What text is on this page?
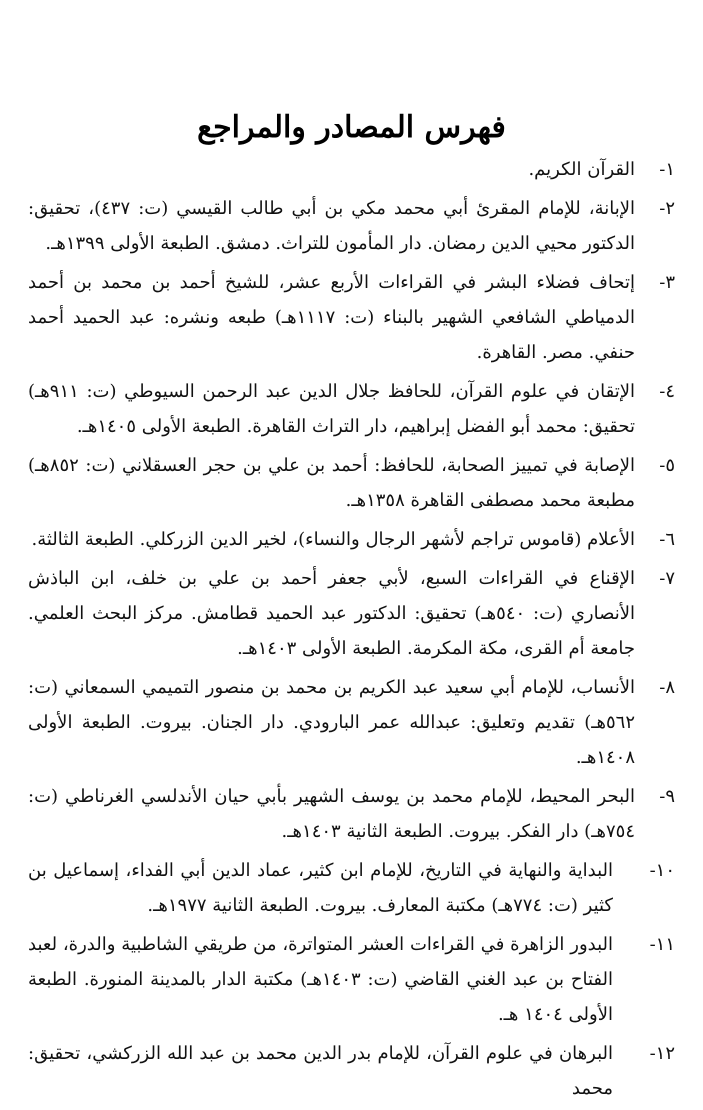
فهرس المصادر والمراجع
١-
القرآن الكريم.
٢-
الإبانة، للإمام المقرئ أبي محمد مكي بن أبي طالب القيسي (ت: ٤٣٧)، تحقيق: الدكتور محيي الدين رمضان. دار المأمون للتراث. دمشق. الطبعة الأولى ١٣٩٩هـ.
٣-
إتحاف فضلاء البشر في القراءات الأربع عشر، للشيخ أحمد بن محمد بن أحمد الدمياطي الشافعي الشهير بالبناء (ت: ١١١٧هـ) طبعه ونشره: عبد الحميد أحمد حنفي. مصر. القاهرة.
٤-
الإتقان في علوم القرآن، للحافظ جلال الدين عبد الرحمن السيوطي (ت: ٩١١هـ) تحقيق: محمد أبو الفضل إبراهيم، دار التراث القاهرة. الطبعة الأولى ١٤٠٥هـ.
٥-
الإصابة في تمييز الصحابة، للحافظ: أحمد بن علي بن حجر العسقلاني (ت: ٨٥٢هـ) مطبعة محمد مصطفى القاهرة ١٣٥٨هـ.
٦-
الأعلام (قاموس تراجم لأشهر الرجال والنساء)، لخير الدين الزركلي. الطبعة الثالثة.
٧-
الإقناع في القراءات السبع، لأبي جعفر أحمد بن علي بن خلف، ابن الباذش الأنصاري (ت: ٥٤٠هـ) تحقيق: الدكتور عبد الحميد قطامش. مركز البحث العلمي. جامعة أم القرى، مكة المكرمة. الطبعة الأولى ١٤٠٣هـ.
٨-
الأنساب، للإمام أبي سعيد عبد الكريم بن محمد بن منصور التميمي السمعاني (ت: ٥٦٢هـ) تقديم وتعليق: عبدالله عمر البارودي. دار الجنان. بيروت. الطبعة الأولى ١٤٠٨هـ.
٩-
البحر المحيط، للإمام محمد بن يوسف الشهير بأبي حيان الأندلسي الغرناطي (ت: ٧٥٤هـ) دار الفكر. بيروت. الطبعة الثانية ١٤٠٣هـ.
١٠-
البداية والنهاية في التاريخ، للإمام ابن كثير، عماد الدين أبي الفداء، إسماعيل بن كثير (ت: ٧٧٤هـ) مكتبة المعارف. بيروت. الطبعة الثانية ١٩٧٧هـ.
١١-
البدور الزاهرة في القراءات العشر المتواترة، من طريقي الشاطبية والدرة، لعبد الفتاح بن عبد الغني القاضي (ت: ١٤٠٣هـ) مكتبة الدار بالمدينة المنورة. الطبعة الأولى ١٤٠٤ هـ.
١٢-
البرهان في علوم القرآن، للإمام بدر الدين محمد بن عبد الله الزركشي، تحقيق: محمد
